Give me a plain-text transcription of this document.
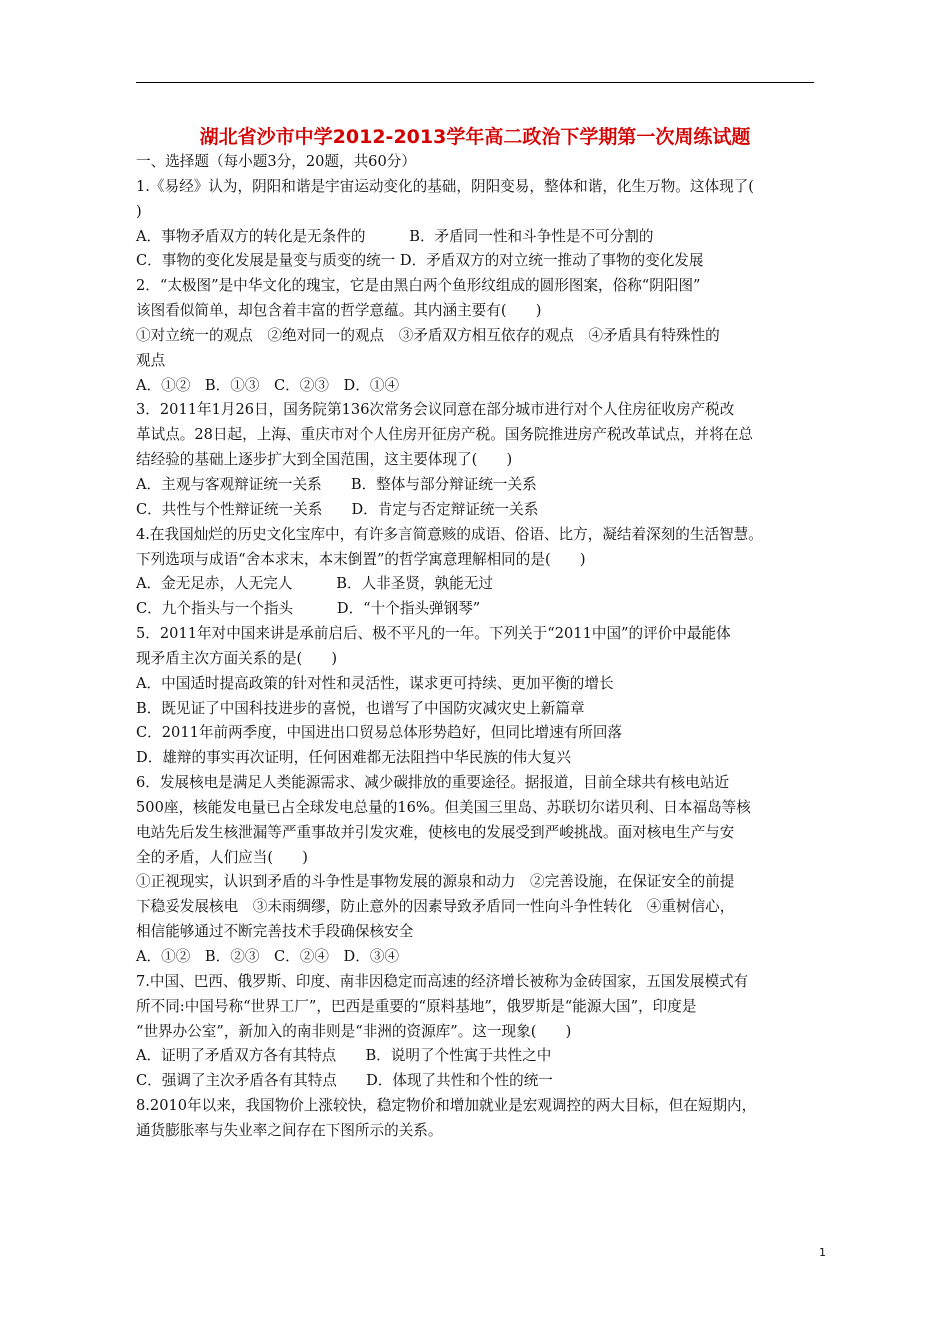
湖北省沙市中学2012-2013学年高二政治下学期第一次周练试题
一、选择题（每小题3分，20题，共60分）
1.《易经》认为，阴阳和谐是宇宙运动变化的基础，阴阳变易，整体和谐，化生万物。这体现了(
)
A．事物矛盾双方的转化是无条件的　　　B．矛盾同一性和斗争性是不可分割的
C．事物的变化发展是量变与质变的统一 D．矛盾双方的对立统一推动了事物的变化发展
2．“太极图”是中华文化的瑰宝，它是由黑白两个鱼形纹组成的圆形图案，俗称“阴阳图”
该图看似简单，却包含着丰富的哲学意蕴。其内涵主要有(　　)
①对立统一的观点　②绝对同一的观点　③矛盾双方相互依存的观点　④矛盾具有特殊性的
观点
A．①②　B．①③　C．②③　D．①④
3．2011年1月26日，国务院第136次常务会议同意在部分城市进行对个人住房征收房产税改
革试点。28日起，上海、重庆市对个人住房开征房产税。国务院推进房产税改革试点，并将在总
结经验的基础上逐步扩大到全国范围，这主要体现了(　　)
A．主观与客观辩证统一关系　　B．整体与部分辩证统一关系
C．共性与个性辩证统一关系　　D．肯定与否定辩证统一关系
4.在我国灿烂的历史文化宝库中，有许多言简意赅的成语、俗语、比方，凝结着深刻的生活智慧。
下列选项与成语“舍本求末，本末倒置”的哲学寓意理解相同的是(　　)
A．金无足赤，人无完人　　　B．人非圣贤，孰能无过
C．九个指头与一个指头　　　D．“十个指头弹钢琴”
5．2011年对中国来讲是承前启后、极不平凡的一年。下列关于“2011中国”的评价中最能体
现矛盾主次方面关系的是(　　)
A．中国适时提高政策的针对性和灵活性，谋求更可持续、更加平衡的增长
B．既见证了中国科技进步的喜悦，也谱写了中国防灾减灾史上新篇章
C．2011年前两季度，中国进出口贸易总体形势趋好，但同比增速有所回落
D．雄辩的事实再次证明，任何困难都无法阻挡中华民族的伟大复兴
6．发展核电是满足人类能源需求、减少碳排放的重要途径。据报道，目前全球共有核电站近
500座，核能发电量已占全球发电总量的16%。但美国三里岛、苏联切尔诺贝利、日本福岛等核
电站先后发生核泄漏等严重事故并引发灾难，使核电的发展受到严峻挑战。面对核电生产与安
全的矛盾，人们应当(　　)
①正视现实，认识到矛盾的斗争性是事物发展的源泉和动力　②完善设施，在保证安全的前提
下稳妥发展核电　③未雨绸缪，防止意外的因素导致矛盾同一性向斗争性转化　④重树信心，
相信能够通过不断完善技术手段确保核安全
A．①②　B．②③　C．②④　D．③④
7.中国、巴西、俄罗斯、印度、南非因稳定而高速的经济增长被称为金砖国家，五国发展模式有
所不同:中国号称“世界工厂”，巴西是重要的“原料基地”，俄罗斯是“能源大国”，印度是
“世界办公室”，新加入的南非则是“非洲的资源库”。这一现象(　　)
A．证明了矛盾双方各有其特点　　B．说明了个性寓于共性之中
C．强调了主次矛盾各有其特点　　D．体现了共性和个性的统一
8.2010年以来，我国物价上涨较快，稳定物价和增加就业是宏观调控的两大目标，但在短期内，
通货膨胀率与失业率之间存在下图所示的关系。
1
